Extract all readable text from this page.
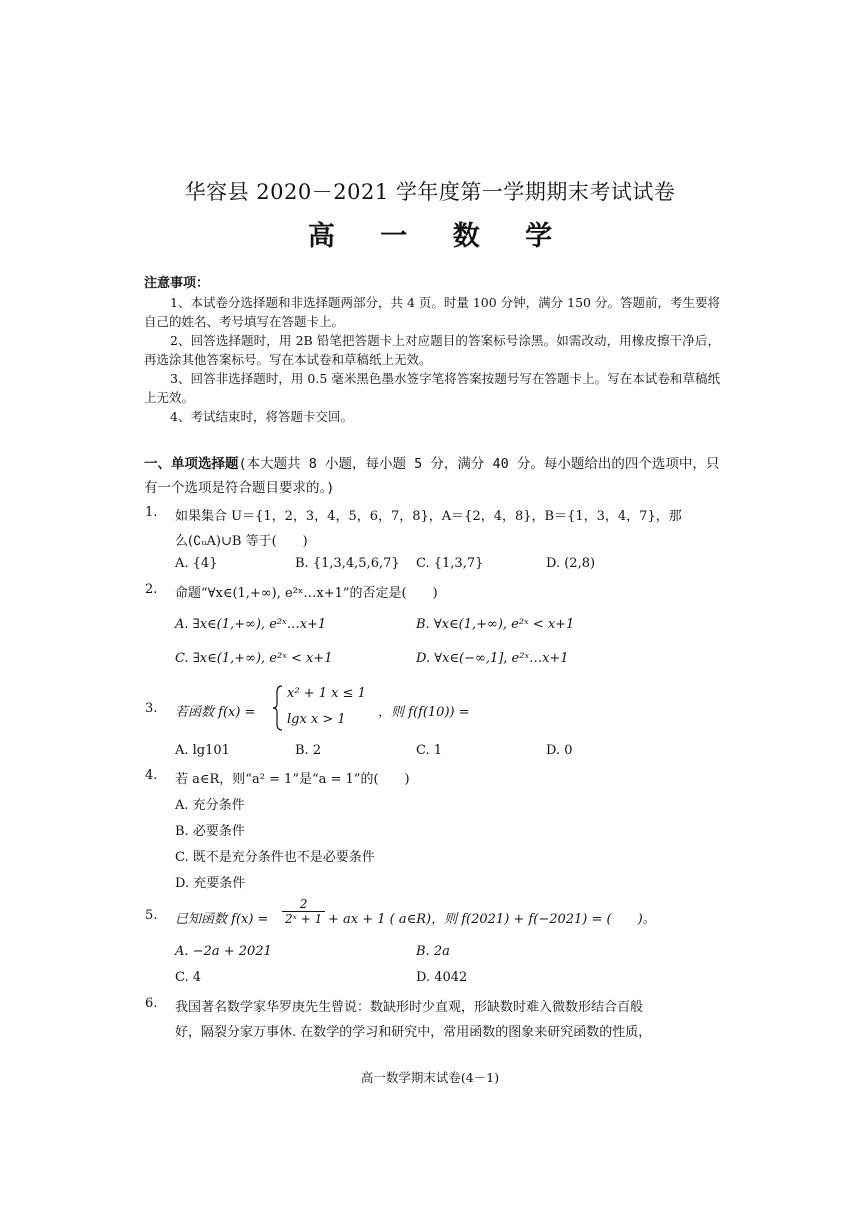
华容县 2020－2021 学年度第一学期期末考试试卷
高 一 数 学
注意事项：
1、本试卷分选择题和非选择题两部分，共 4 页。时量 100 分钟，满分 150 分。答题前，考生要将自己的姓名、考号填写在答题卡上。
2、回答选择题时，用 2B 铅笔把答题卡上对应题目的答案标号涂黑。如需改动，用橡皮擦干净后，再选涂其他答案标号。写在本试卷和草稿纸上无效。
3、回答非选择题时，用 0.5 毫米黑色墨水签字笔将答案按题号写在答题卡上。写在本试卷和草稿纸上无效。
4、考试结束时，将答题卡交回。
一、单项选择题(本大题共 8 小题，每小题 5 分，满分 40 分。每小题给出的四个选项中，只有一个选项是符合题目要求的。)
1. 如果集合 U＝{1，2，3，4，5，6，7，8}，A＝{2，4，8}，B＝{1，3，4，7}，那
么(∁ᵤA)∪B 等于(　　)
A. {4}	B. {1,3,4,5,6,7} C. {1,3,7}	D. (2,8)
2. 命题“∀x∈(1,+∞), e²ˣ…x+1”的否定是(　　)
A. ∃x∈(1,+∞), e²ˣ…x+1	B. ∀x∈(1,+∞), e²ˣ < x+1
C. ∃x∈(1,+∞), e²ˣ < x+1	D. ∀x∈(−∞,1], e²ˣ…x+1
3. 若函数 f(x) =
x² + 1 x ≤ 1
lgx x > 1 ，则 f(f(10)) =
A. lg101	B. 2	C. 1	D. 0
4. 若 a∈R，则“a² = 1”是“a = 1”的(　　)
A. 充分条件
B. 必要条件
C. 既不是充分条件也不是必要条件
D. 充要条件
5. 已知函数 $f(x) = \frac{2}{\text{2ˣ + 1}}$ + ax + 1 ( a∈R)，则 f(2021) + f(−2021) = (　　)。
A. −2a + 2021	B. 2a
C. 4	D. 4042
6. 我国著名数学家华罗庚先生曾说：数缺形时少直观，形缺数时难入微数形结合百般
好，隔裂分家万事休. 在数学的学习和研究中，常用函数的图象来研究函数的性质，
高一数学期末试卷(4－1)
